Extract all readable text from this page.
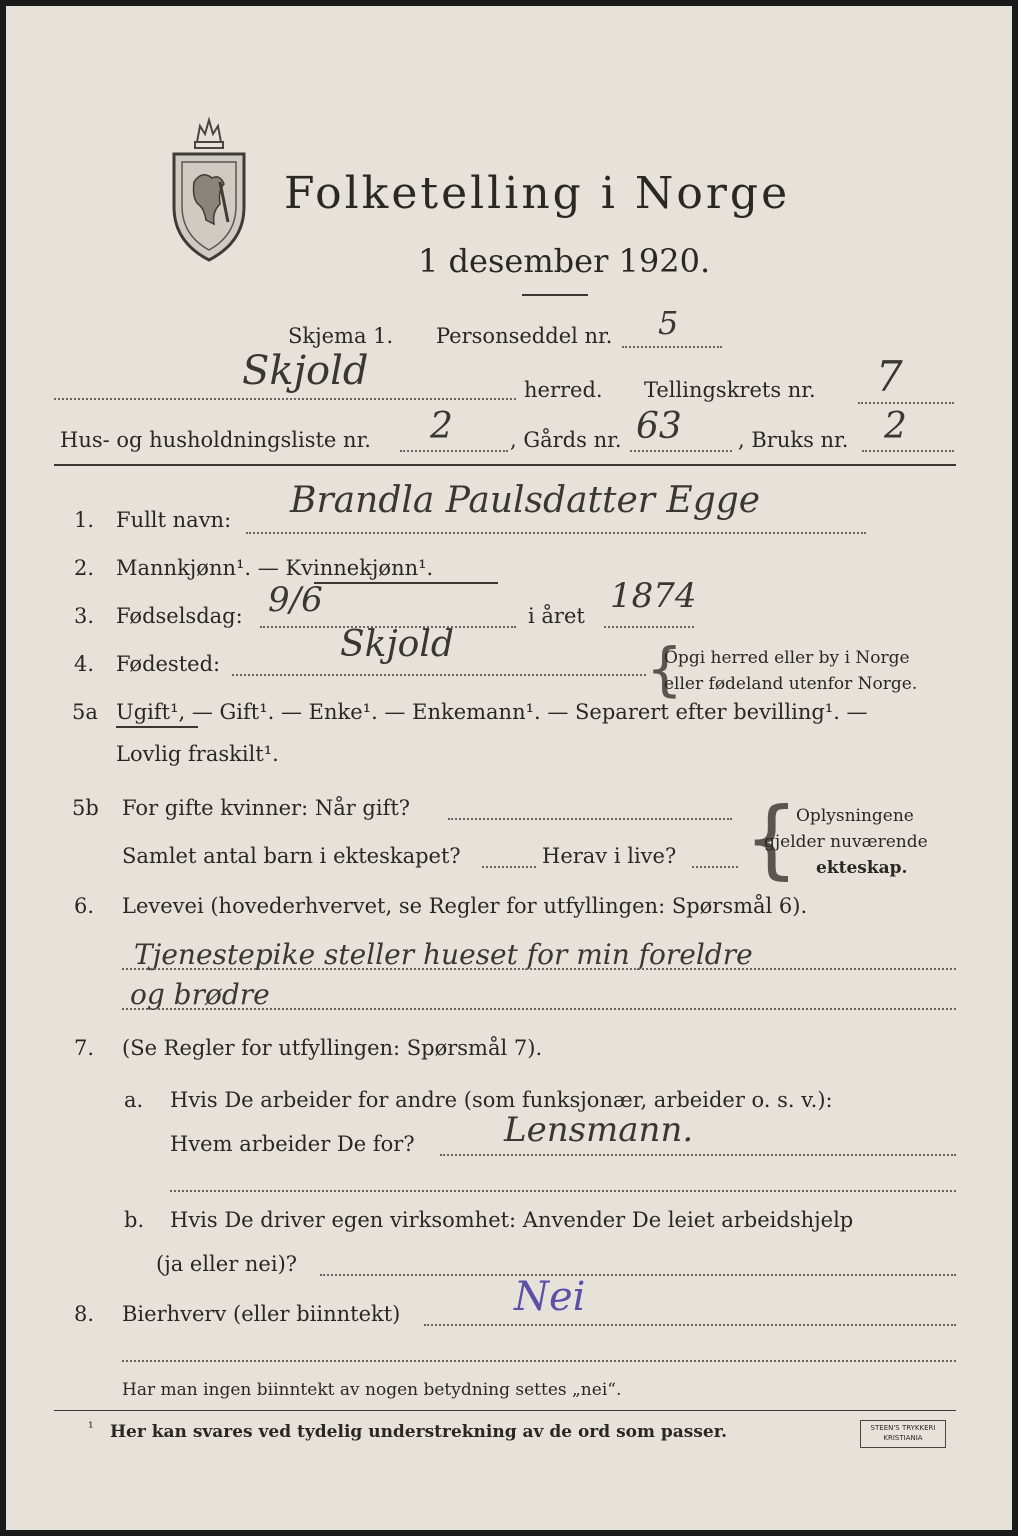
Folketelling i Norge
1 desember 1920.
Skjema 1. Personseddel nr. 5
Skjold	herred. Tellingskrets nr. 7
Hus- og husholdningsliste nr. 2	, Gårds nr. 63	, Bruks nr. 2
1. Fullt navn: Brandla Paulsdatter Egge
2. Mannkjønn¹. — Kvinnekjønn¹.
3. Fødselsdag: 9/6	i året 1874
4. Fødested:	Skjold	{
Opgi herred eller by i Norge
eller fødeland utenfor Norge.
5a Ugift¹, — Gift¹. — Enke¹. — Enkemann¹. — Separert efter bevilling¹. —
Lovlig fraskilt¹.
5b For gifte kvinner: Når gift?
Samlet antal barn i ekteskapet?	Herav i live? {
Oplysningene
gjelder nuværende
ekteskap.
6. Levevei (hovederhvervet, se Regler for utfyllingen: Spørsmål 6).
Tjenestepike steller hueset for min foreldre
og brødre
7. (Se Regler for utfyllingen: Spørsmål 7).
a. Hvis De arbeider for andre (som funksjonær, arbeider o. s. v.):
Hvem arbeider De for?	Lensmann.
b. Hvis De driver egen virksomhet: Anvender De leiet arbeidshjelp
(ja eller nei)?
8. Bierhverv (eller biinntekt)	Nei
Har man ingen biinntekt av nogen betydning settes „nei“.
¹ Her kan svares ved tydelig understrekning av de ord som passer.	STEEN'S TRYKKERI
KRISTIANIA
